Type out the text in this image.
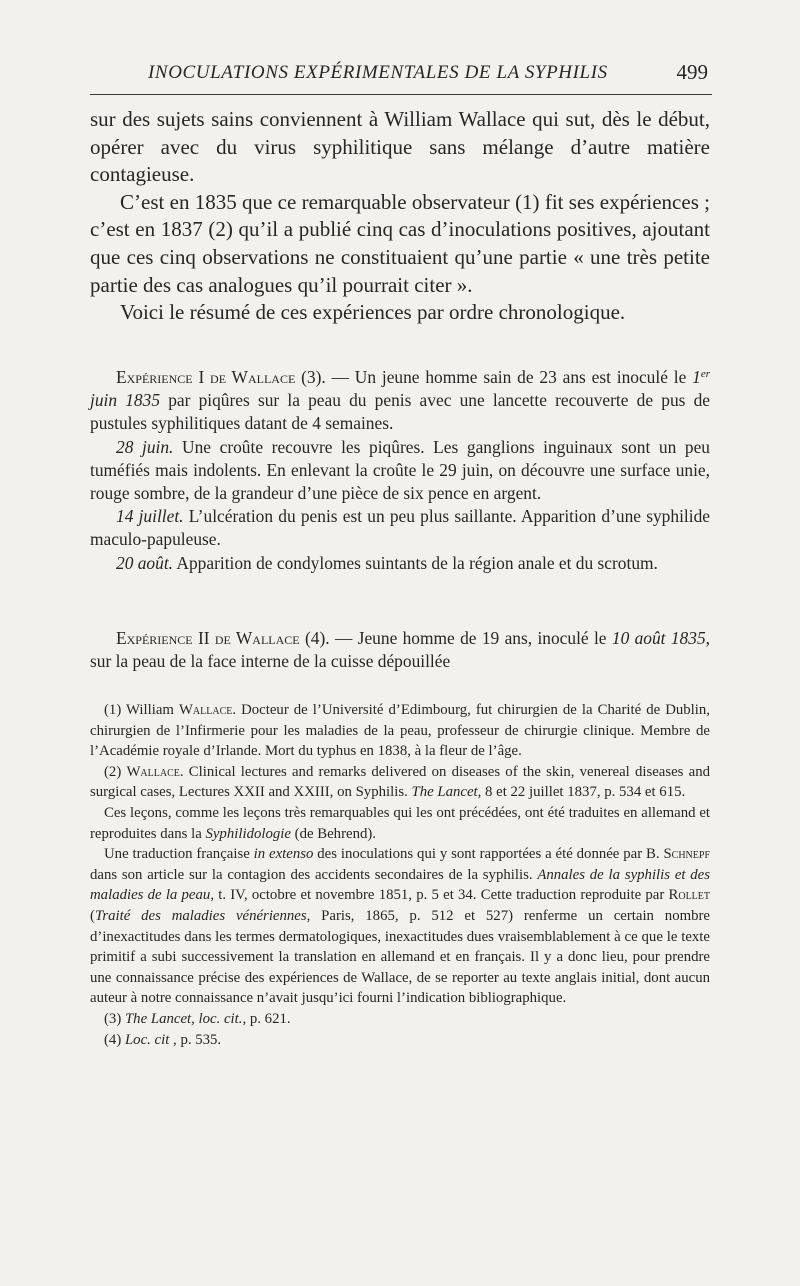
INOCULATIONS EXPÉRIMENTALES DE LA SYPHILIS	499

sur des sujets sains conviennent à William Wallace qui sut, dès le début, opérer avec du virus syphilitique sans mélange d’autre matière contagieuse.

C’est en 1835 que ce remarquable observateur (1) fit ses expériences ; c’est en 1837 (2) qu’il a publié cinq cas d’inoculations positives, ajoutant que ces cinq observations ne constituaient qu’une partie « une très petite partie des cas analogues qu’il pourrait citer ».

Voici le résumé de ces expériences par ordre chronologique.

Expérience I de Wallace (3). — Un jeune homme sain de 23 ans est inoculé le 1er juin 1835 par piqûres sur la peau du penis avec une lancette recouverte de pus de pustules syphilitiques datant de 4 semaines.

28 juin. Une croûte recouvre les piqûres. Les ganglions inguinaux sont un peu tuméfiés mais indolents. En enlevant la croûte le 29 juin, on découvre une surface unie, rouge sombre, de la grandeur d’une pièce de six pence en argent.

14 juillet. L’ulcération du penis est un peu plus saillante. Apparition d’une syphilide maculo-papuleuse.

20 août. Apparition de condylomes suintants de la région anale et du scrotum.

Expérience II de Wallace (4). — Jeune homme de 19 ans, inoculé le 10 août 1835, sur la peau de la face interne de la cuisse dépouillée

(1) William Wallace. Docteur de l’Université d’Edimbourg, fut chirurgien de la Charité de Dublin, chirurgien de l’Infirmerie pour les maladies de la peau, professeur de chirurgie clinique. Membre de l’Académie royale d’Irlande. Mort du typhus en 1838, à la fleur de l’âge.

(2) Wallace. Clinical lectures and remarks delivered on diseases of the skin, venereal diseases and surgical cases, Lectures XXII and XXIII, on Syphilis. The Lancet, 8 et 22 juillet 1837, p. 534 et 615.

Ces leçons, comme les leçons très remarquables qui les ont précédées, ont été traduites en allemand et reproduites dans la Syphilidologie (de Behrend).

Une traduction française in extenso des inoculations qui y sont rapportées a été donnée par B. Schnepf dans son article sur la contagion des accidents secondaires de la syphilis. Annales de la syphilis et des maladies de la peau, t. IV, octobre et novembre 1851, p. 5 et 34. Cette traduction reproduite par Rollet (Traité des maladies vénériennes, Paris, 1865, p. 512 et 527) renferme un certain nombre d’inexactitudes dans les termes dermatologiques, inexactitudes dues vraisemblablement à ce que le texte primitif a subi successivement la translation en allemand et en français. Il y a donc lieu, pour prendre une connaissance précise des expériences de Wallace, de se reporter au texte anglais initial, dont aucun auteur à notre connaissance n’avait jusqu’ici fourni l’indication bibliographique.

(3) The Lancet, loc. cit., p. 621.

(4) Loc. cit , p. 535.
